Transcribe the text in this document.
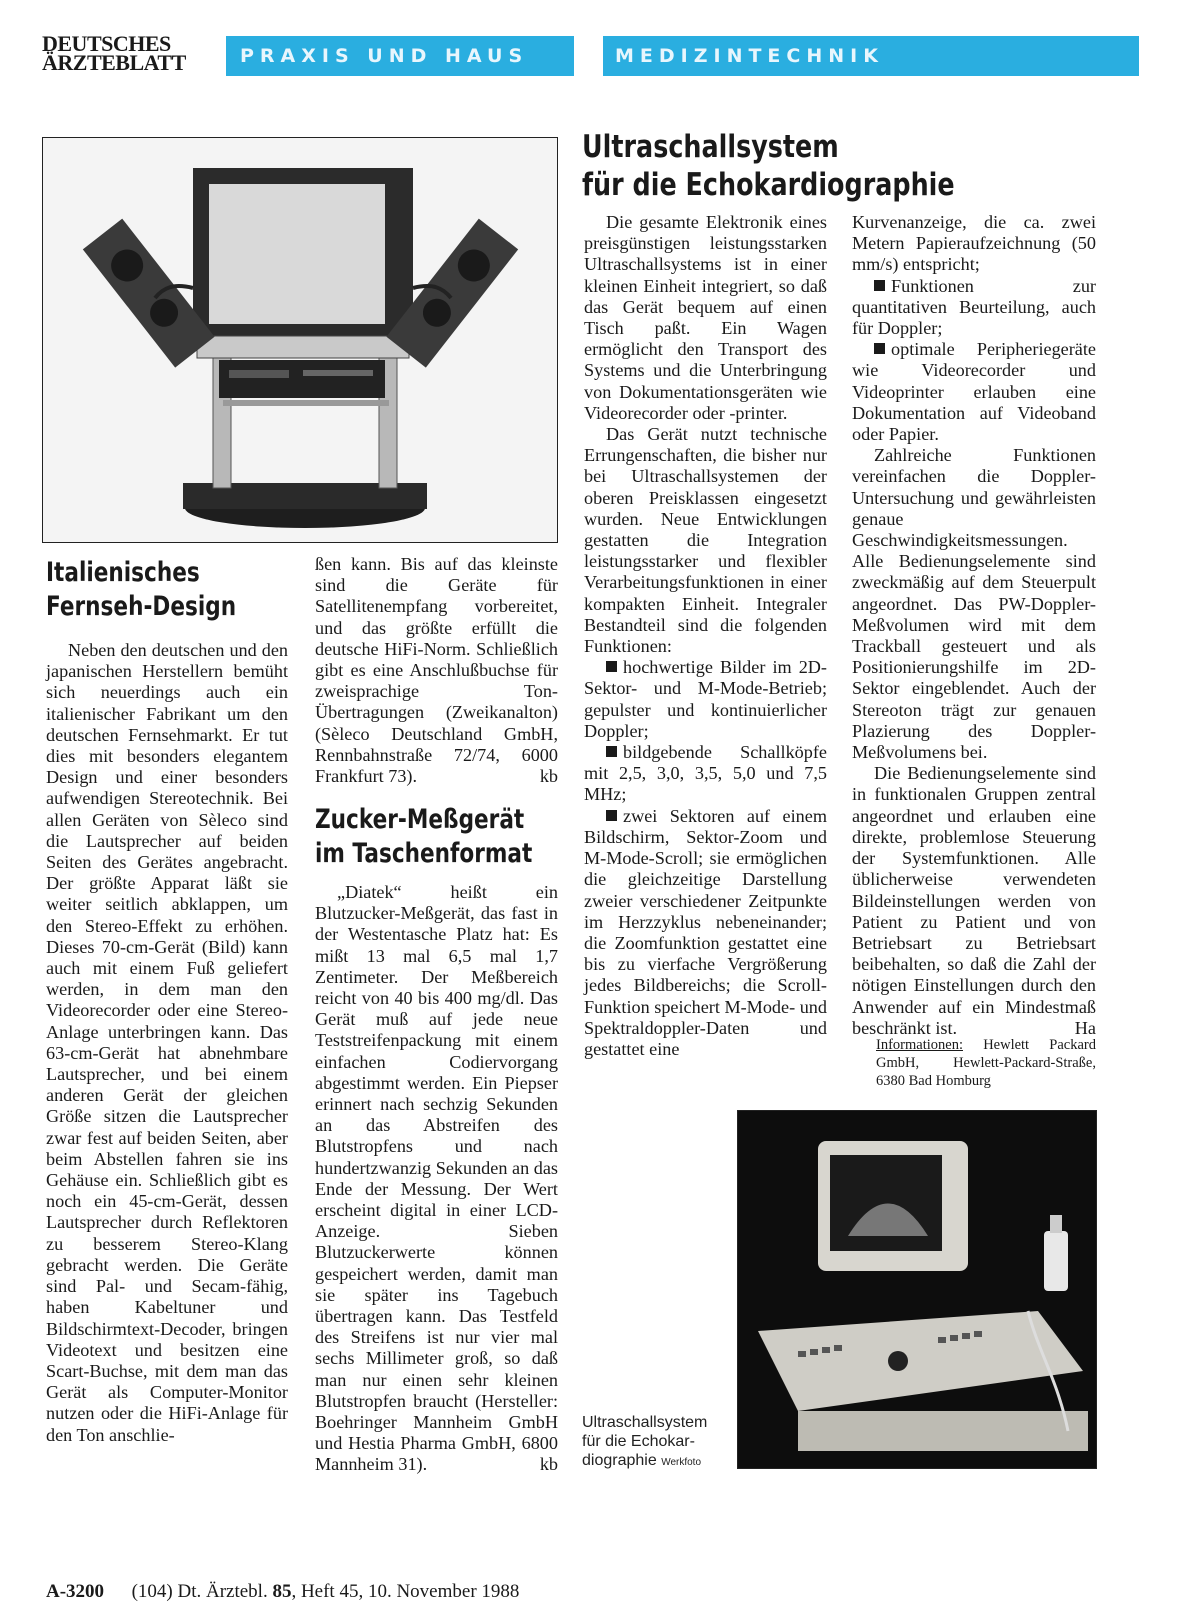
DEUTSCHES
ÄRZTEBLATT	PRAXIS UND HAUS	MEDIZINTECHNIK
Italienisches
Fernseh-Design

Neben den deutschen und den japanischen Herstellern bemüht sich neuerdings auch ein italienischer Fabrikant um den deutschen Fernsehmarkt. Er tut dies mit besonders elegantem Design und einer besonders aufwendigen Stereotechnik. Bei allen Geräten von Sèleco sind die Lautsprecher auf beiden Seiten des Gerätes angebracht. Der größte Apparat läßt sie weiter seitlich abklappen, um den Stereo-Effekt zu erhöhen. Dieses 70-cm-Gerät (Bild) kann auch mit einem Fuß geliefert werden, in dem man den Videorecorder oder eine Stereo-Anlage unterbringen kann. Das 63-cm-Gerät hat abnehmbare Lautsprecher, und bei einem anderen Gerät der gleichen Größe sitzen die Lautsprecher zwar fest auf beiden Seiten, aber beim Abstellen fahren sie ins Gehäuse ein. Schließlich gibt es noch ein 45-cm-Gerät, dessen Lautsprecher durch Reflektoren zu besserem Stereo-Klang gebracht werden. Die Geräte sind Pal- und Secam-fähig, haben Kabeltuner und Bildschirmtext-Decoder, bringen Videotext und besitzen eine Scart-Buchse, mit dem man das Gerät als Computer-Monitor nutzen oder die HiFi-Anlage für den Ton anschlie-

ßen kann. Bis auf das kleinste sind die Geräte für Satellitenempfang vorbereitet, und das größte erfüllt die deutsche HiFi-Norm. Schließlich gibt es eine Anschlußbuchse für zweisprachige Ton-Übertragungen (Zweikanalton) (Sèleco Deutschland GmbH, Rennbahnstraße 72/74, 6000 Frankfurt 73).	kb

Zucker-Meßgerät
im Taschenformat

„Diatek“ heißt ein Blutzucker-Meßgerät, das fast in der Westentasche Platz hat: Es mißt 13 mal 6,5 mal 1,7 Zentimeter. Der Meßbereich reicht von 40 bis 400 mg/dl. Das Gerät muß auf jede neue Teststreifenpackung mit einem einfachen Codiervorgang abgestimmt werden. Ein Piepser erinnert nach sechzig Sekunden an das Abstreifen des Blutstropfens und nach hundertzwanzig Sekunden an das Ende der Messung. Der Wert erscheint digital in einer LCD-Anzeige. Sieben Blutzuckerwerte können gespeichert werden, damit man sie später ins Tagebuch übertragen kann. Das Testfeld des Streifens ist nur vier mal sechs Millimeter groß, so daß man nur einen sehr kleinen Blutstropfen braucht (Hersteller: Boehringer Mannheim GmbH und Hestia Pharma GmbH, 6800 Mannheim 31).	kb

Ultraschallsystem
für die Echokardiographie

Die gesamte Elektronik eines preisgünstigen leistungsstarken Ultraschallsystems ist in einer kleinen Einheit integriert, so daß das Gerät bequem auf einen Tisch paßt. Ein Wagen ermöglicht den Transport des Systems und die Unterbringung von Dokumentationsgeräten wie Videorecorder oder -printer.

Das Gerät nutzt technische Errungenschaften, die bisher nur bei Ultraschallsystemen der oberen Preisklassen eingesetzt wurden. Neue Entwicklungen gestatten die Integration leistungsstarker und flexibler Verarbeitungsfunktionen in einer kompakten Einheit. Integraler Bestandteil sind die folgenden Funktionen:

hochwertige Bilder im 2D-Sektor- und M-Mode-Betrieb; gepulster und kontinuierlicher Doppler;

bildgebende Schallköpfe mit 2,5, 3,0, 3,5, 5,0 und 7,5 MHz;

zwei Sektoren auf einem Bildschirm, Sektor-Zoom und M-Mode-Scroll; sie ermöglichen die gleichzeitige Darstellung zweier verschiedener Zeitpunkte im Herzzyklus nebeneinander; die Zoomfunktion gestattet eine bis zu vierfache Vergrößerung jedes Bildbereichs; die Scroll-Funktion speichert M-Mode- und Spektraldoppler-Daten und gestattet eine

Kurvenanzeige, die ca. zwei Metern Papieraufzeichnung (50 mm/s) entspricht;

Funktionen zur quantitativen Beurteilung, auch für Doppler;

optimale Peripheriegeräte wie Videorecorder und Videoprinter erlauben eine Dokumentation auf Videoband oder Papier.

Zahlreiche Funktionen vereinfachen die Doppler-Untersuchung und gewährleisten genaue Geschwindigkeitsmessungen. Alle Bedienungselemente sind zweckmäßig auf dem Steuerpult angeordnet. Das PW-Doppler-Meßvolumen wird mit dem Trackball gesteuert und als Positionierungshilfe im 2D-Sektor eingeblendet. Auch der Stereoton trägt zur genauen Plazierung des Doppler-Meßvolumens bei.

Die Bedienungselemente sind in funktionalen Gruppen zentral angeordnet und erlauben eine direkte, problemlose Steuerung der Systemfunktionen. Alle üblicherweise verwendeten Bildeinstellungen werden von Patient zu Patient und von Betriebsart zu Betriebsart beibehalten, so daß die Zahl der nötigen Einstellungen durch den Anwender auf ein Mindestmaß beschränkt ist.	Ha

Informationen: Hewlett Packard GmbH, Hewlett-Packard-Straße, 6380 Bad Homburg
Ultraschallsystem
für die Echokar-
diographie Werkfoto
A-3200 (104) Dt. Ärztebl. 85, Heft 45, 10. November 1988
